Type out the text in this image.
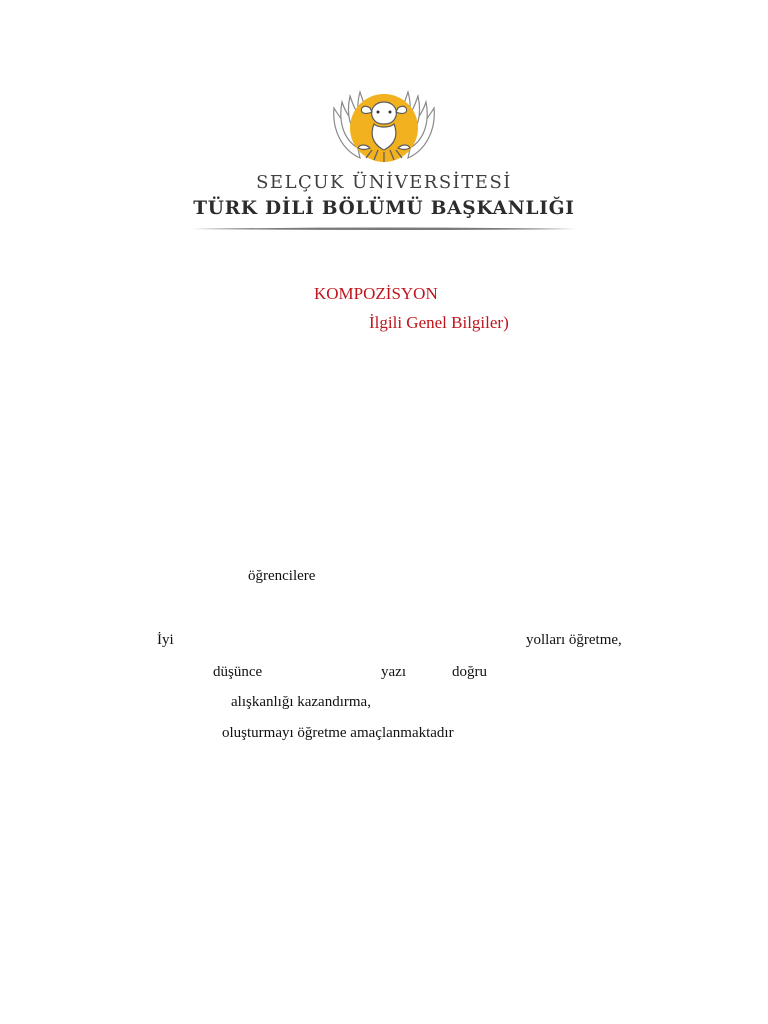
SELÇUK ÜNİVERSİTESİ
TÜRK DİLİ BÖLÜMÜ BAŞKANLIĞI
KOMPOZİSYON
İlgili Genel Bilgiler)
öğrencilere
İyi	yolları öğretme,
düşünce	yazı	doğru
alışkanlığı kazandırma,
oluşturmayı öğretme amaçlanmaktadır
